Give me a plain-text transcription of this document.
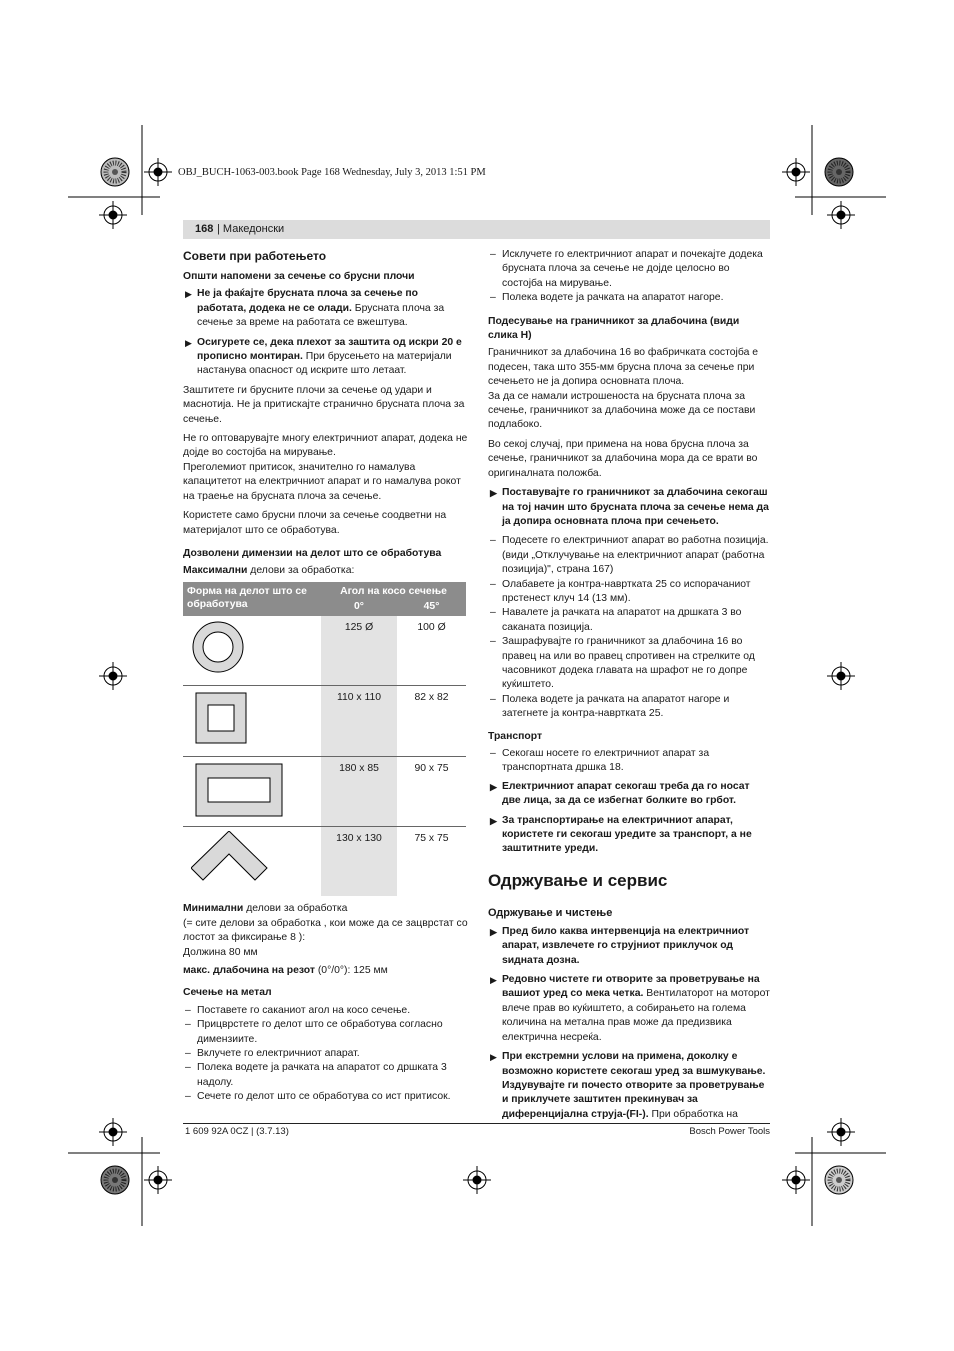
OBJ_BUCH-1063-003.book Page 168 Wednesday, July 3, 2013 1:51 PM
168 | Македонски
Совети при работењето
Општи напомени за сечење со брусни плочи
▶ Не ја фаќајте брусната плоча за сечење по работата, додека не се олади. Брусната плоча за сечење за време на работата се вжештува.
▶ Осигурете се, дека плехот за заштита од искри 20 е прописно монтиран. При брусењето на материјали настанува опасност од искрите што летаат.

Заштитете ги брусните плочи за сечење од удари и маснотија. Не ја притискајте странично брусната плоча за сечење.

Не го оптоварувајте многу електричниот апарат, додека не дојде во состојба на мирување.

Прeголемиот притисок, значително го намалува капацитетот на електричниот апарат и го намалува рокот на траење на брусната плоча за сечење.

Користете само брусни плочи за сечење соодветни на материјалот што се обработува.

Дозволени димензии на делот што се обработува

Максимални делови за обработка:

Форма на делот што се обработува	Агол на косо сечење	
	0°	45°
	125 Ø	100 Ø
	110 x 110	82 x 82
	180 x 85	90 x 75
	130 x 130	75 x 75

Минимални делови за обработка

(= сите делови за обработка , кои може да се зацврстат со лостот за фиксирање 8 ):

Должина 80 мм

макс. длабочина на резот (0°/0°): 125 мм

Сечење на метал
– Поставете го саканиот агол на косо сечење.
– Прицврстете го делот што се обработува согласно димензиите.
– Вклучете го електричниот апарат.
– Полека водете ја рачката на апаратот со дршката 3 надолу.
– Сечете го делот што се обработува со ист притисок.
– Исклучете го електричниот апарат и почекајте додека брусната плоча за сечење не дојде целосно во состојба на мирување.
– Полека водете ја рачката на апаратот нагоре.
Подесување на граничникот за длабочина (види слика H)

Граничникот за длабочина 16 во фабричката состојба е подесен, така што 355-мм брусна плоча за сечење при сечењето не ја допира основната плоча.

За да се намали истрошеноста на брусната плоча за сечење, граничникот за длабочина може да се постави подлабоко.

Во секој случај, при примена на нова брусна плоча за сечење, граничникот за длабочина мора да се врати во оригиналната положба.

▶ Поставувајте го граничникот за длабочина секогаш на тој начин што брусната плоча за сечење нема да ја допира основната плоча при сечењето.
– Подесете го електричниот апарат во работна позиција. (види „Отклучување на електричниот апарат (работна позиција)", страна 167)
– Олабавете ја контра-навртката 25 со испорачаниот прстенест клуч 14 (13 мм).
– Навалете ја рачката на апаратот на дршката 3 во саканата позиција.
– Зашрафувајте го граничникот за длабочина 16 во правец на или во правец спротивен на стрелките од часовникот додека главата на шрафот не го допре куќиштето.
– Полека водете ја рачката на апаратот нагоре и затегнете ја контра-навртката 25.
Транспорт
– Секогаш носете го електричниот апарат за транспортната дршка 18.
▶ Електричниот апарат секогаш треба да го носат две лица, за да се избегнат болките во грбот.
▶ За транспортирање на електричниот апарат, користете ги секогаш уредите за транспорт, а не заштитните уреди.
Одржување и сервис
Одржување и чистење
▶ Пред било каква интервенција на електричниот апарат, извлечете го струјниот приклучок од ѕидната дозна.
▶ Редовно чистете ги отворите за проветрување на вашиот уред со мека четка. Вентилаторот на моторот влече прав во куќиштето, а собирањето на голема количина на метална прав може да предизвика електрична несреќа.
▶ При екстремни услови на примена, доколку е возможно користете секогаш уред за вшмукување. Издувувајте ги почесто отворите за проветрување и приклучете заштитен прекинувач за диференцијална струја-(FI-). При обработка на
1 609 92A 0CZ | (3.7.13)	Bosch Power Tools
